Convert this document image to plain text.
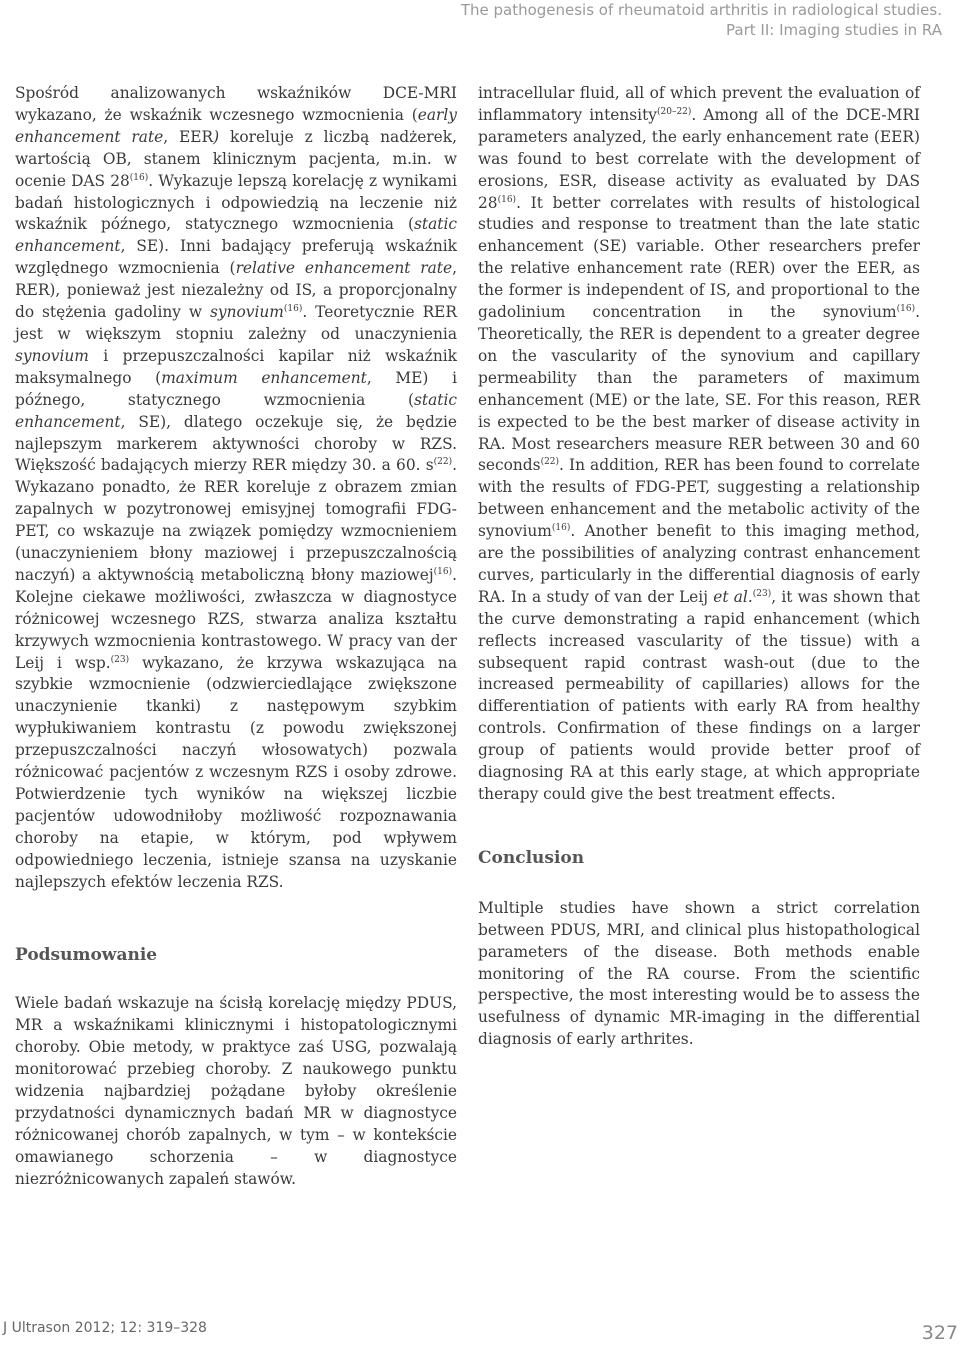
The pathogenesis of rheumatoid arthritis in radiological studies.
Part II: Imaging studies in RA

Spośród analizowanych wskaźników DCE-MRI wykazano, że wskaźnik wczesnego wzmocnienia (early enhancement rate, EER) koreluje z liczbą nadżerek, wartością OB, stanem klinicznym pacjenta, m.in. w ocenie DAS 28$^{(16)}$. Wykazuje lepszą korelację z wynikami badań histologicznych i odpowiedzią na leczenie niż wskaźnik późnego, statycznego wzmocnienia (static enhancement, SE). Inni badający preferują wskaźnik względnego wzmocnienia (relative enhancement rate, RER), ponieważ jest niezależny od IS, a proporcjonalny do stężenia gadoliny w synovium$^{(16)}$. Teoretycznie RER jest w większym stopniu zależny od unaczynienia synovium i przepuszczalności kapilar niż wskaźnik maksymalnego (maximum enhancement, ME) i późnego, statycznego wzmocnienia (static enhancement, SE), dlatego oczekuje się, że będzie najlepszym markerem aktywności choroby w RZS. Większość badających mierzy RER między 30. a 60. $s^{(22)}$. Wykazano ponadto, że RER koreluje z obrazem zmian zapalnych w pozytronowej emisyjnej tomografii FDG-PET, co wskazuje na związek pomiędzy wzmocnieniem (unaczynieniem błony maziowej i przepuszczalnością naczyń) a aktywnością metaboliczną błony maziowej$^{(16)}$. Kolejne ciekawe możliwości, zwłaszcza w diagnostyce różnicowej wczesnego RZS, stwarza analiza kształtu krzywych wzmocnienia kontrastowego. W pracy van der Leij i wsp.$^{(23)}$ wykazano, że krzywa wskazująca na szybkie wzmocnienie (odzwierciedlające zwiększone unaczynienie tkanki) z następowym szybkim wypłukiwaniem kontrastu (z powodu zwiększonej przepuszczalności naczyń włosowatych) pozwala różnicować pacjentów z wczesnym RZS i osoby zdrowe. Potwierdzenie tych wyników na większej liczbie pacjentów udowodniłoby możliwość rozpoznawania choroby na etapie, w którym, pod wpływem odpowiedniego leczenia, istnieje szansa na uzyskanie najlepszych efektów leczenia RZS.

Podsumowanie

Wiele badań wskazuje na ścisłą korelację między PDUS, MR a wskaźnikami klinicznymi i histopatologicznymi choroby. Obie metody, w praktyce zaś USG, pozwalają monitorować przebieg choroby. Z naukowego punktu widzenia najbardziej pożądane byłoby określenie przydatności dynamicznych badań MR w diagnostyce różnicowanej chorób zapalnych, w tym – w kontekście omawianego schorzenia – w diagnostyce niezróżnicowanych zapaleń stawów.

intracellular fluid, all of which prevent the evaluation of inflammatory intensity$^{(20-22)}$. Among all of the DCE-MRI parameters analyzed, the early enhancement rate (EER) was found to best correlate with the development of erosions, ESR, disease activity as evaluated by DAS 28$^{(16)}$. It better correlates with results of histological studies and response to treatment than the late static enhancement (SE) variable. Other researchers prefer the relative enhancement rate (RER) over the EER, as the former is independent of IS, and proportional to the gadolinium concentration in the synovium$^{(16)}$. Theoretically, the RER is dependent to a greater degree on the vascularity of the synovium and capillary permeability than the parameters of maximum enhancement (ME) or the late, SE. For this reason, RER is expected to be the best marker of disease activity in RA. Most researchers measure RER between 30 and 60 seconds$^{(22)}$. In addition, RER has been found to correlate with the results of FDG-PET, suggesting a relationship between enhancement and the metabolic activity of the synovium$^{(16)}$. Another benefit to this imaging method, are the possibilities of analyzing contrast enhancement curves, particularly in the differential diagnosis of early RA. In a study of van der Leij et al.$^{(23)}$, it was shown that the curve demonstrating a rapid enhancement (which reflects increased vascularity of the tissue) with a subsequent rapid contrast wash-out (due to the increased permeability of capillaries) allows for the differentiation of patients with early RA from healthy controls. Confirmation of these findings on a larger group of patients would provide better proof of diagnosing RA at this early stage, at which appropriate therapy could give the best treatment effects.

Conclusion

Multiple studies have shown a strict correlation between PDUS, MRI, and clinical plus histopathological parameters of the disease. Both methods enable monitoring of the RA course. From the scientific perspective, the most interesting would be to assess the usefulness of dynamic MR-imaging in the differential diagnosis of early arthrites.

J Ultrason 2012; 12: 319–328	327
